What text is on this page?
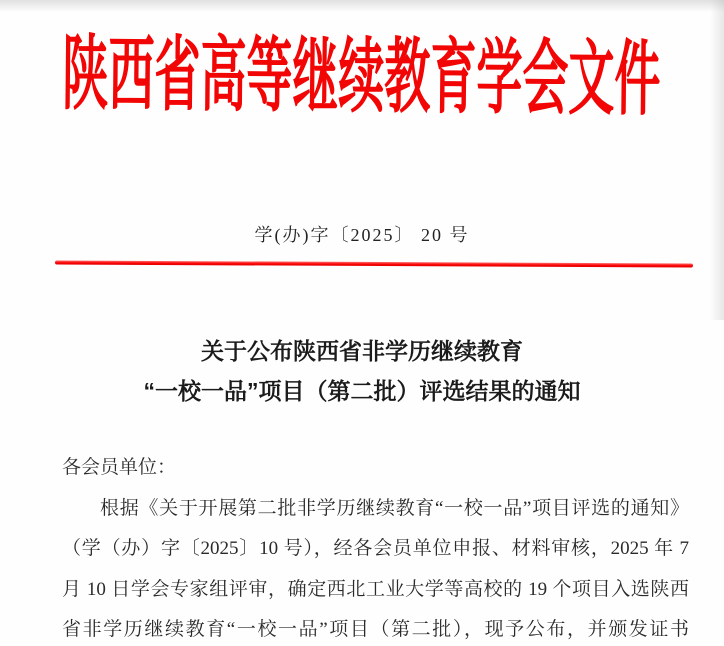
陕西省高等继续教育学会文件
学(办)字〔2025〕 20 号
关于公布陕西省非学历继续教育
“一校一品”项目（第二批）评选结果的通知
各会员单位：
根据《关于开展第二批非学历继续教育“一校一品”项目评选的通知》
（学（办）字〔2025〕10 号），经各会员单位申报、材料审核，2025 年 7
月 10 日学会专家组评审，确定西北工业大学等高校的 19 个项目入选陕西
省非学历继续教育“一校一品”项目（第二批），现予公布，并颁发证书
